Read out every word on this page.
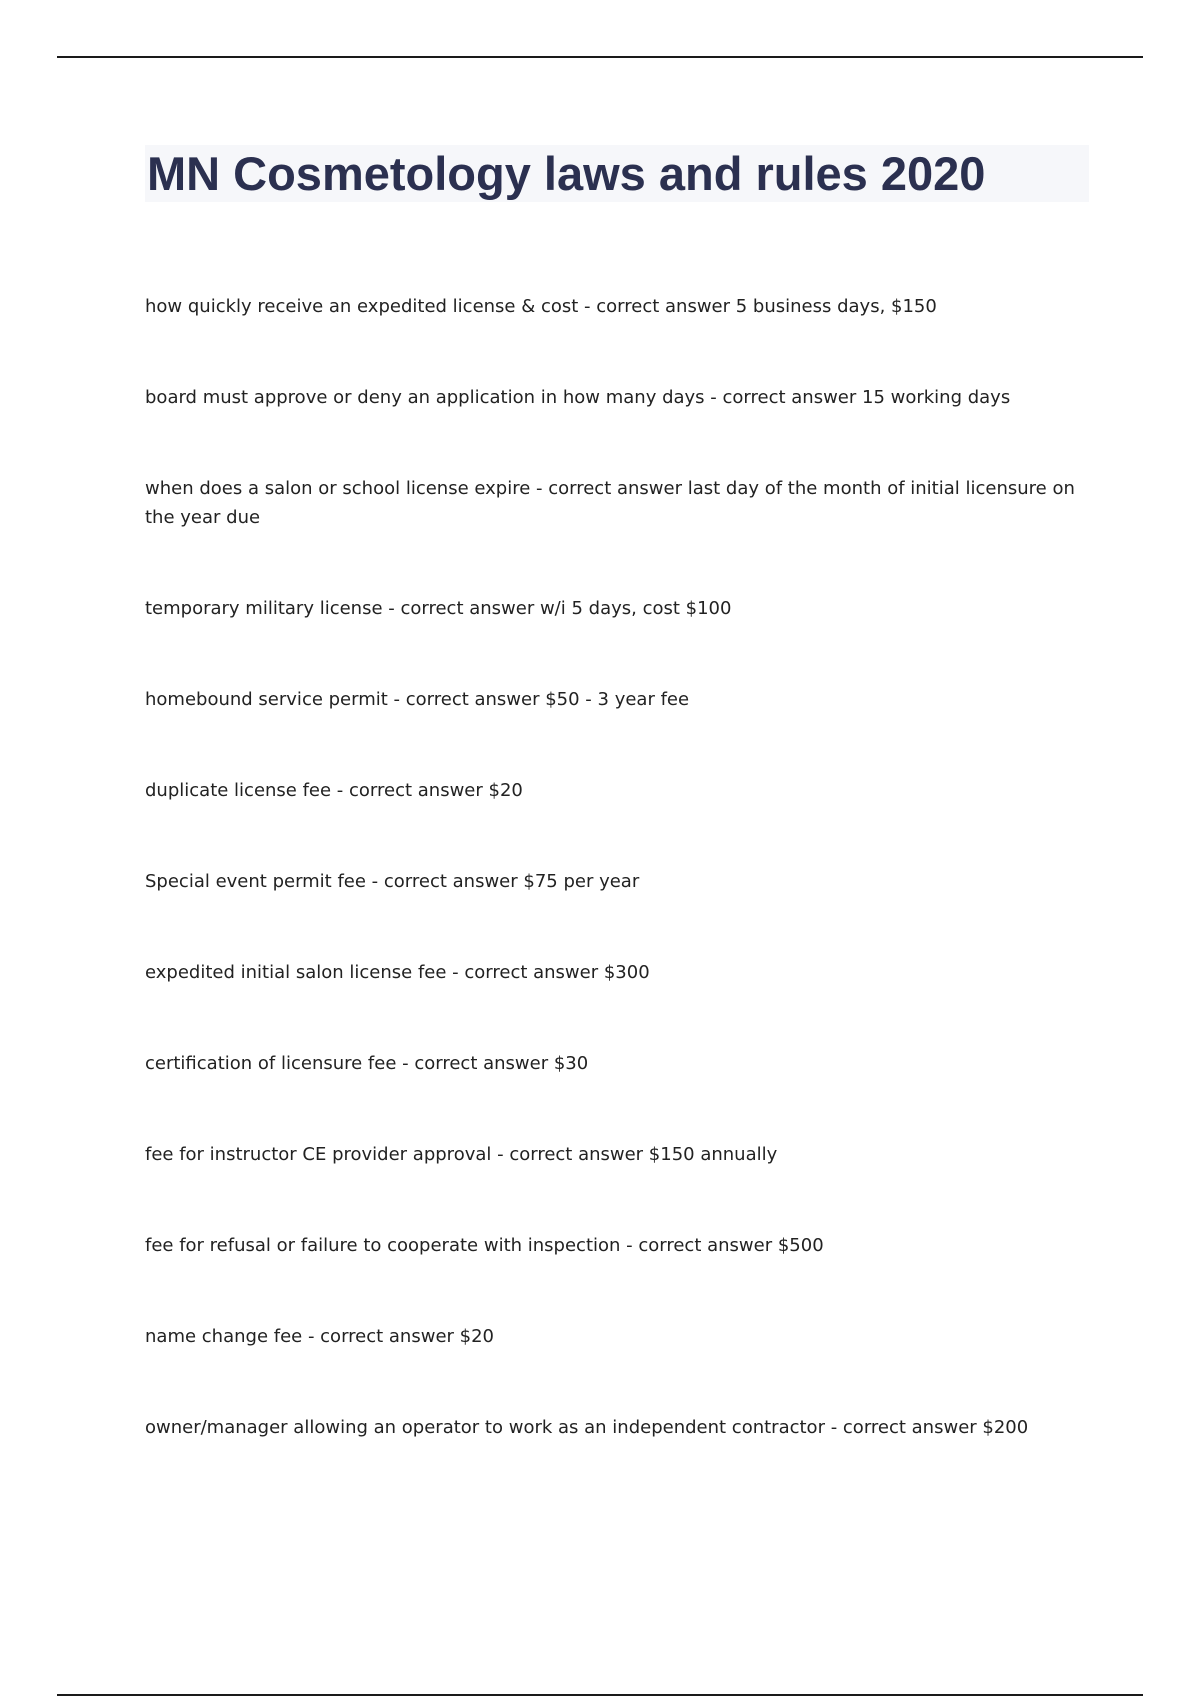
MN Cosmetology laws and rules 2020
how quickly receive an expedited license & cost - correct answer 5 business days, $150
board must approve or deny an application in how many days - correct answer 15 working days
when does a salon or school license expire - correct answer last day of the month of initial licensure on the year due
temporary military license - correct answer w/i 5 days, cost $100
homebound service permit - correct answer $50 - 3 year fee
duplicate license fee - correct answer $20
Special event permit fee - correct answer $75 per year
expedited initial salon license fee - correct answer $300
certification of licensure fee - correct answer $30
fee for instructor CE provider approval - correct answer $150 annually
fee for refusal or failure to cooperate with inspection - correct answer $500
name change fee - correct answer $20
owner/manager allowing an operator to work as an independent contractor - correct answer $200
